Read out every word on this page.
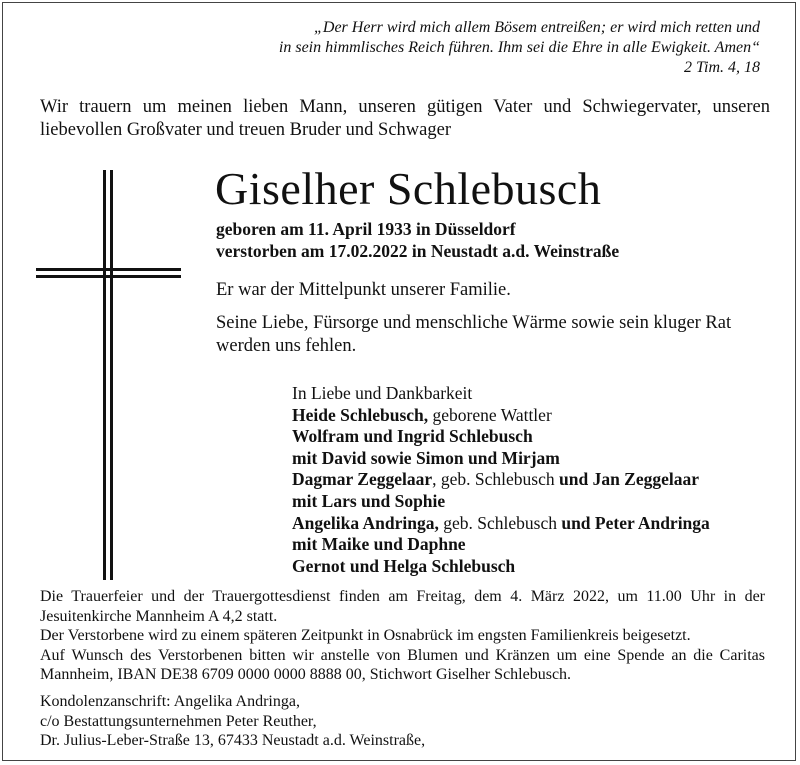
„Der Herr wird mich allem Bösem entreißen; er wird mich retten und
in sein himmlisches Reich führen. Ihm sei die Ehre in alle Ewigkeit. Amen“
2 Tim. 4, 18
Wir trauern um meinen lieben Mann, unseren gütigen Vater und Schwiegervater, unseren liebevollen Großvater und treuen Bruder und Schwager
Giselher Schlebusch
geboren am 11. April 1933 in Düsseldorf
verstorben am 17.02.2022 in Neustadt a.d. Weinstraße

Er war der Mittelpunkt unserer Familie.

Seine Liebe, Fürsorge und menschliche Wärme sowie sein kluger Rat werden uns fehlen.

In Liebe und Dankbarkeit
Heide Schlebusch, geborene Wattler
Wolfram und Ingrid Schlebusch
mit David sowie Simon und Mirjam
Dagmar Zeggelaar, geb. Schlebusch und Jan Zeggelaar
mit Lars und Sophie
Angelika Andringa, geb. Schlebusch und Peter Andringa
mit Maike und Daphne
Gernot und Helga Schlebusch
Die Trauerfeier und der Trauergottesdienst finden am Freitag, dem 4. März 2022, um 11.00 Uhr in der Jesuitenkirche Mannheim A 4,2 statt.
Der Verstorbene wird zu einem späteren Zeitpunkt in Osnabrück im engsten Familienkreis beigesetzt.
Auf Wunsch des Verstorbenen bitten wir anstelle von Blumen und Kränzen um eine Spende an die Caritas Mannheim, IBAN DE38 6709 0000 0000 8888 00, Stichwort Giselher Schlebusch.
Kondolenzanschrift: Angelika Andringa,
c/o Bestattungsunternehmen Peter Reuther,
Dr. Julius-Leber-Straße 13, 67433 Neustadt a.d. Weinstraße,
